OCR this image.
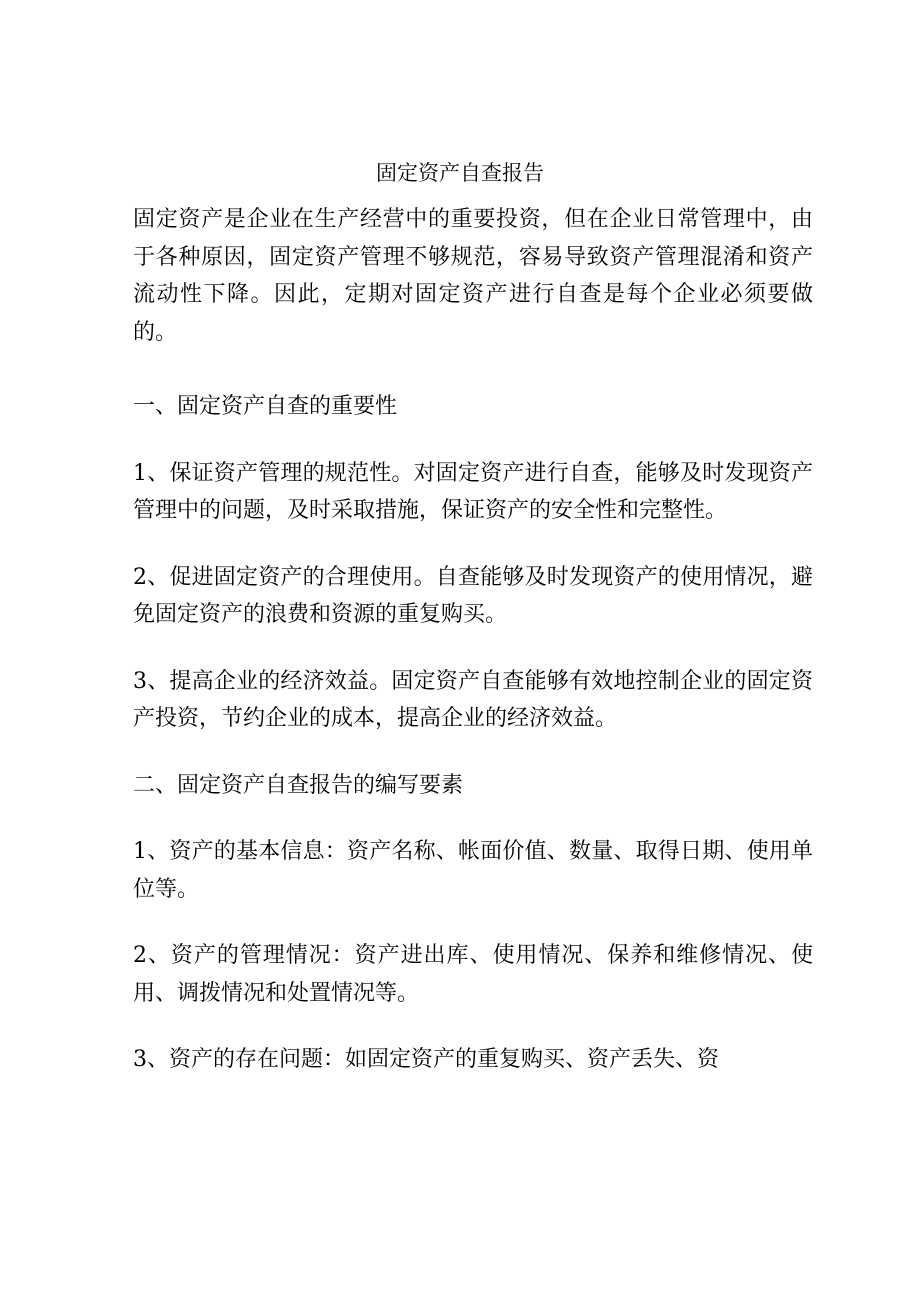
固定资产自查报告

固定资产是企业在生产经营中的重要投资，但在企业日常管理中，由于各种原因，固定资产管理不够规范，容易导致资产管理混淆和资产流动性下降。因此，定期对固定资产进行自查是每个企业必须要做的。

一、固定资产自查的重要性

1、保证资产管理的规范性。对固定资产进行自查，能够及时发现资产管理中的问题，及时采取措施，保证资产的安全性和完整性。

2、促进固定资产的合理使用。自查能够及时发现资产的使用情况，避免固定资产的浪费和资源的重复购买。

3、提高企业的经济效益。固定资产自查能够有效地控制企业的固定资产投资，节约企业的成本，提高企业的经济效益。

二、固定资产自查报告的编写要素

1、资产的基本信息：资产名称、帐面价值、数量、取得日期、使用单位等。

2、资产的管理情况：资产进出库、使用情况、保养和维修情况、使用、调拨情况和处置情况等。

3、资产的存在问题：如固定资产的重复购买、资产丢失、资
